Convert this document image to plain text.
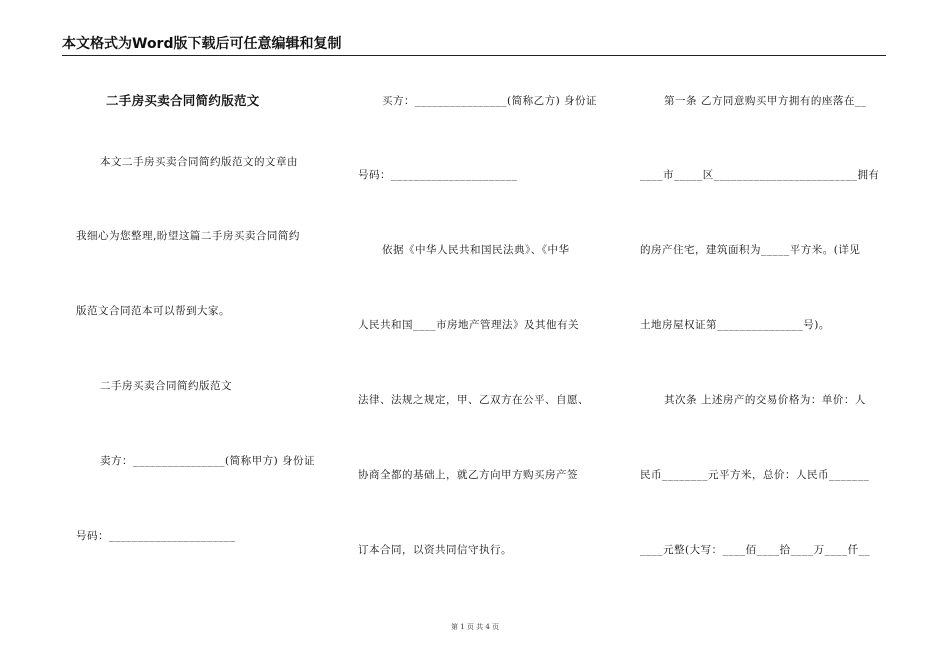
本文格式为Word版下载后可任意编辑和复制
二手房买卖合同简约版范文
本文二手房买卖合同简约版范文的文章由
我细心为您整理,盼望这篇二手房买卖合同简约
版范文合同范本可以帮到大家。
二手房买卖合同简约版范文
卖方：________________(简称甲方) 身份证
号码：______________________
买方：________________(简称乙方) 身份证
号码：______________________
依据《中华人民共和国民法典》、《中华
人民共和国____市房地产管理法》及其他有关
法律、法规之规定，甲、乙双方在公平、自愿、
协商全都的基础上，就乙方向甲方购买房产签
订本合同，以资共同信守执行。
第一条 乙方同意购买甲方拥有的座落在__
____市_____区_________________________拥有
的房产住宅，建筑面积为_____平方米。(详见
土地房屋权证第_______________号)。
其次条 上述房产的交易价格为：单价：人
民币________元平方米，总价：人民币_______
____元整(大写：____佰____拾____万____仟__
第 1 页 共 4 页
